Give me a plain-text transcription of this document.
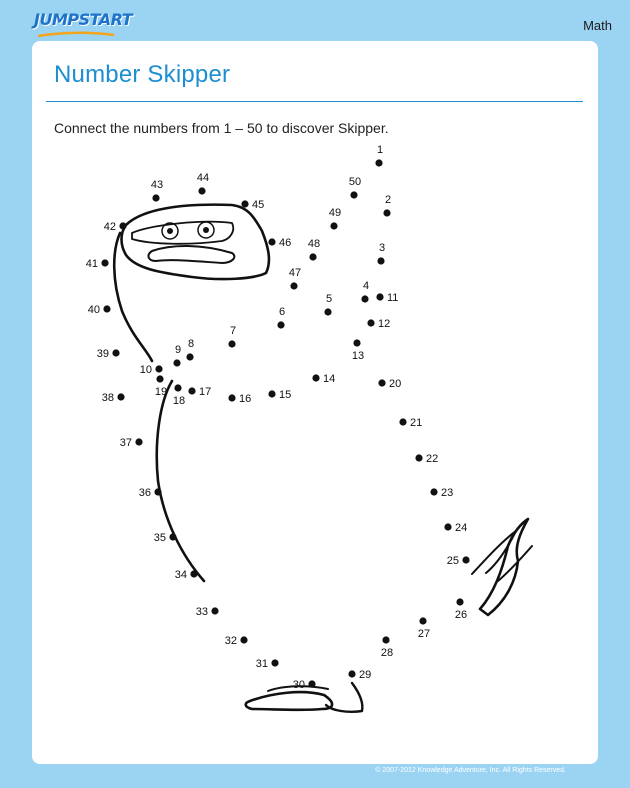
JUMPSTART	Math
Number Skipper
Connect the numbers from 1 – 50 to discover Skipper.
1
2
3
4
5
6
7
8
9
10
11
12
13
14
15
16
17
18
19
20
21
22
23
24
25
26
27
28
29
30
31
32
33
34
35
36
37
38
39
40
41
42
43
44
45
46
47
48
49
50
© 2007-2012 Knowledge Adventure, Inc. All Rights Reserved.
